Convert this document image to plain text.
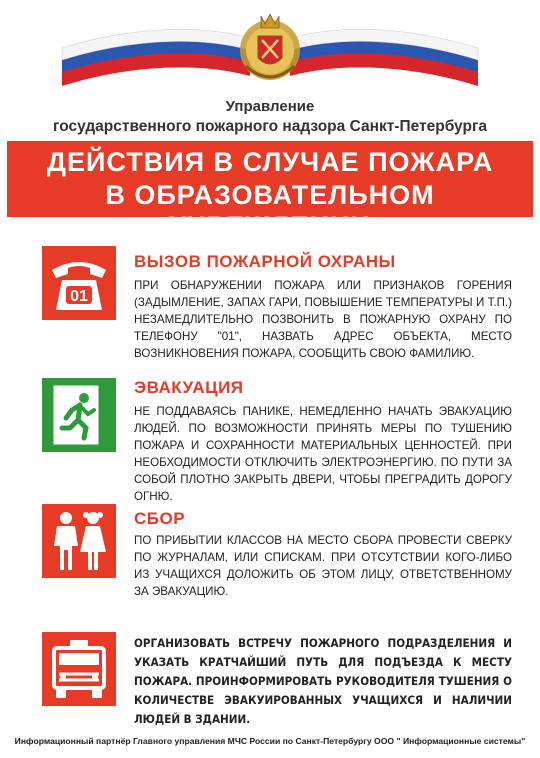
Управление
государственного пожарного надзора Санкт-Петербурга
ДЕЙСТВИЯ В СЛУЧАЕ ПОЖАРА
В ОБРАЗОВАТЕЛЬНОМ УЧРЕЖДЕНИИ
01
ВЫЗОВ ПОЖАРНОЙ ОХРАНЫ
ПРИ ОБНАРУЖЕНИИ ПОЖАРА ИЛИ ПРИЗНАКОВ ГОРЕНИЯ (ЗАДЫМЛЕНИЕ, ЗАПАХ ГАРИ, ПОВЫШЕНИЕ ТЕМПЕРАТУРЫ И Т.П.) НЕЗАМЕДЛИТЕЛЬНО ПОЗВОНИТЬ В ПОЖАРНУЮ ОХРАНУ ПО ТЕЛЕФОНУ "01", НАЗВАТЬ АДРЕС ОБЪЕКТА, МЕСТО ВОЗНИКНОВЕНИЯ ПОЖАРА, СООБЩИТЬ СВОЮ ФАМИЛИЮ.
ЭВАКУАЦИЯ
НЕ ПОДДАВАЯСЬ ПАНИКЕ, НЕМЕДЛЕННО НАЧАТЬ ЭВАКУАЦИЮ ЛЮДЕЙ. ПО ВОЗМОЖНОСТИ ПРИНЯТЬ МЕРЫ ПО ТУШЕНИЮ ПОЖАРА И СОХРАННОСТИ МАТЕРИАЛЬНЫХ ЦЕННОСТЕЙ. ПРИ НЕОБХОДИМОСТИ ОТКЛЮЧИТЬ ЭЛЕКТРОЭНЕРГИЮ. ПО ПУТИ ЗА СОБОЙ ПЛОТНО ЗАКРЫТЬ ДВЕРИ, ЧТОБЫ ПРЕГРАДИТЬ ДОРОГУ ОГНЮ.
СБОР
ПО ПРИБЫТИИ КЛАССОВ НА МЕСТО СБОРА ПРОВЕСТИ СВЕРКУ ПО ЖУРНАЛАМ, ИЛИ СПИСКАМ. ПРИ ОТСУТСТВИИ КОГО-ЛИБО ИЗ УЧАЩИХСЯ ДОЛОЖИТЬ ОБ ЭТОМ ЛИЦУ, ОТВЕТСТВЕННОМУ ЗА ЭВАКУАЦИЮ.
ОРГАНИЗОВАТЬ ВСТРЕЧУ ПОЖАРНОГО ПОДРАЗДЕЛЕНИЯ И УКАЗАТЬ КРАТЧАЙШИЙ ПУТЬ ДЛЯ ПОДЪЕЗДА К МЕСТУ ПОЖАРА. ПРОИНФОРМИРОВАТЬ РУКОВОДИТЕЛЯ ТУШЕНИЯ О КОЛИЧЕСТВЕ ЭВАКУИРОВАННЫХ УЧАЩИХСЯ И НАЛИЧИИ ЛЮДЕЙ В ЗДАНИИ.
Информационный партнёр Главного управления МЧС России по Санкт-Петербургу ООО " Информационные системы"
